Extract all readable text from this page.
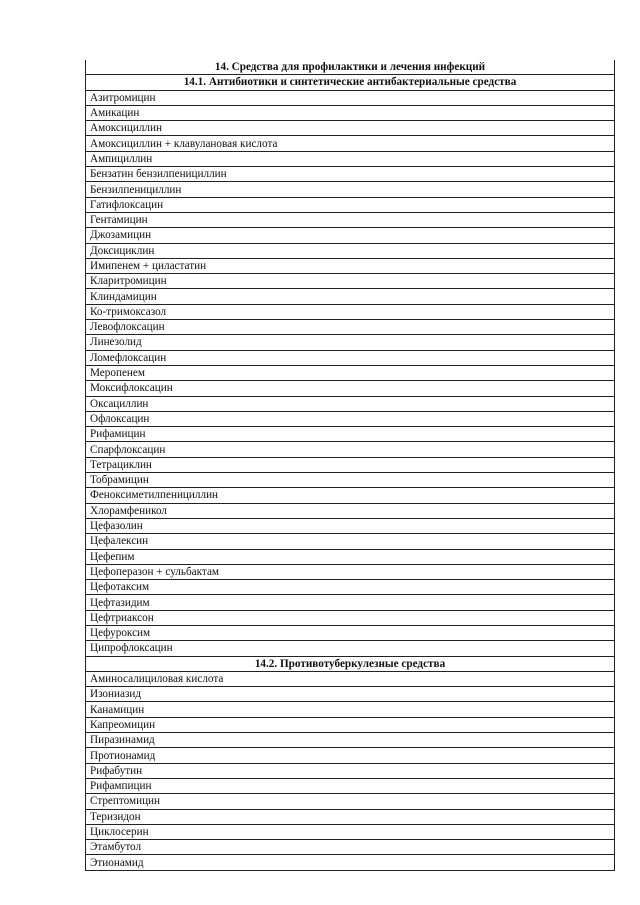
14. Средства для профилактики и лечения инфекций
14.1. Антибиотики и синтетические антибактериальные средства
Азитромицин
Амикацин
Амоксициллин
Амоксициллин + клавулановая кислота
Ампициллин
Бензатин бензилпенициллин
Бензилпенициллин
Гатифлоксацин
Гентамицин
Джозамицин
Доксициклин
Имипенем + циластатин
Кларитромицин
Клиндамицин
Ко-тримоксазол
Левофлоксацин
Линезолид
Ломефлоксацин
Меропенем
Моксифлоксацин
Оксациллин
Офлоксацин
Рифамицин
Спарфлоксацин
Тетрациклин
Тобрамицин
Феноксиметилпенициллин
Хлорамфеникол
Цефазолин
Цефалексин
Цефепим
Цефоперазон + сульбактам
Цефотаксим
Цефтазидим
Цефтриаксон
Цефуроксим
Ципрофлоксацин
14.2. Противотуберкулезные средства
Аминосалициловая кислота
Изониазид
Канамицин
Капреомицин
Пиразинамид
Протионамид
Рифабутин
Рифампицин
Стрептомицин
Теризидон
Циклосерин
Этамбутол
Этионамид
